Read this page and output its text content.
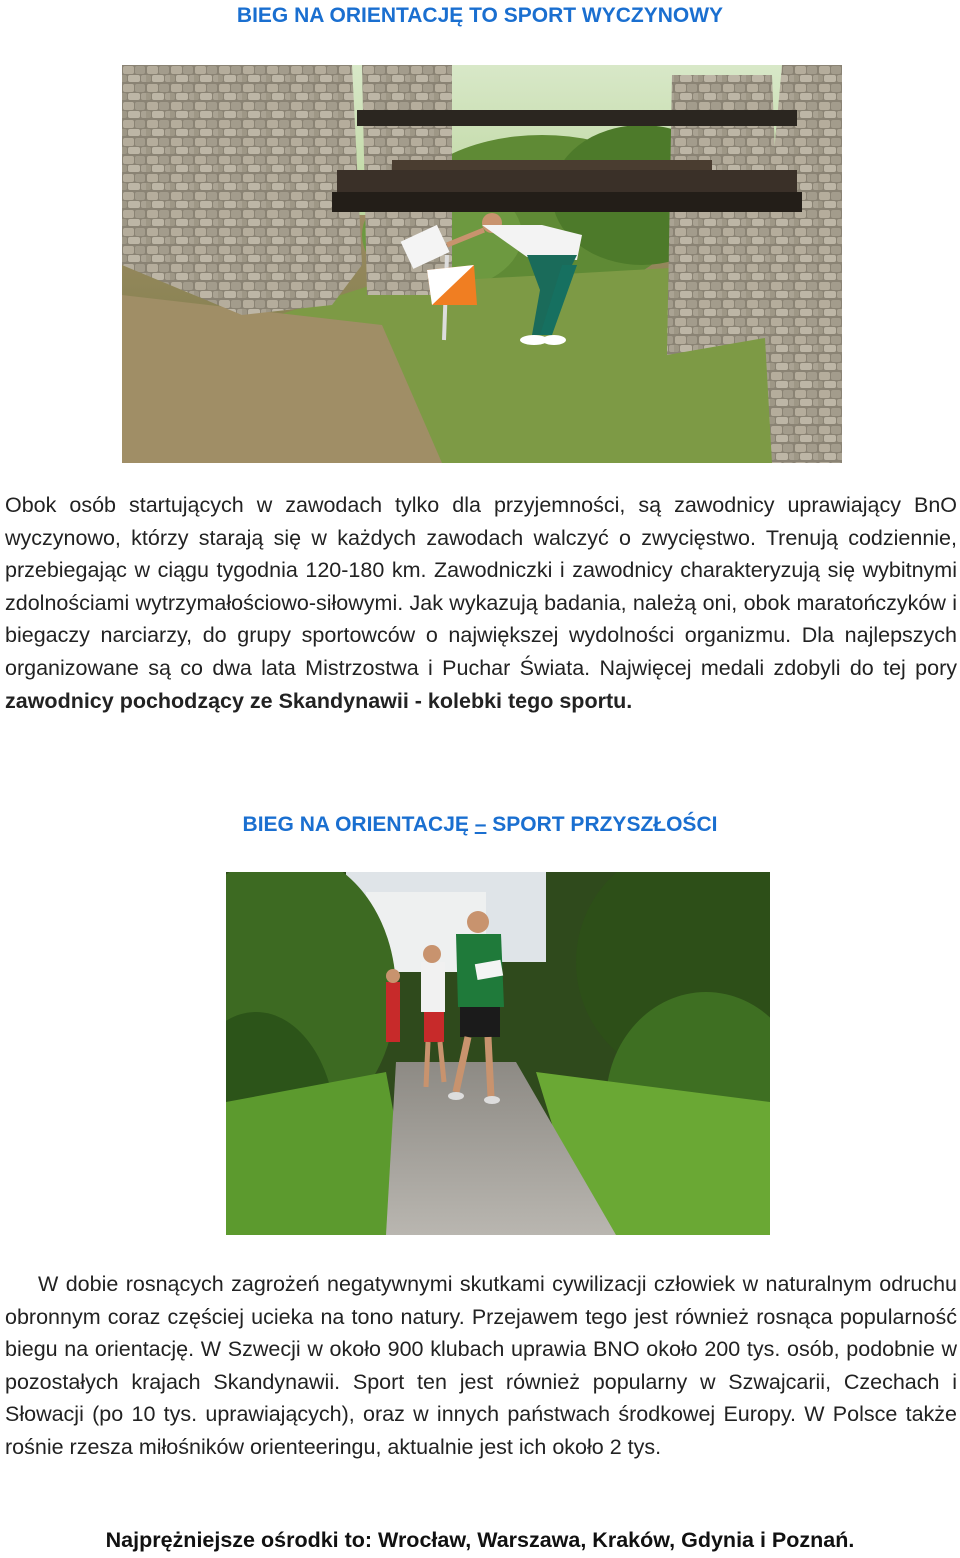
BIEG NA ORIENTACJĘ TO SPORT WYCZYNOWY

Obok osób startujących w zawodach tylko dla przyjemności, są zawodnicy uprawiający BnO wyczynowo, którzy starają się w każdych zawodach walczyć o zwycięstwo. Trenują codziennie, przebiegając w ciągu tygodnia 120-180 km. Zawodniczki i zawodnicy charakteryzują się wybitnymi zdolnościami wytrzymałościowo-siłowymi. Jak wykazują badania, należą oni, obok maratończyków i biegaczy narciarzy, do grupy sportowców o największej wydolności organizmu. Dla najlepszych organizowane są co dwa lata Mistrzostwa i Puchar Świata. Najwięcej medali zdobyli do tej pory zawodnicy pochodzący ze Skandynawii - kolebki tego sportu.

BIEG NA ORIENTACJĘ – SPORT PRZYSZŁOŚCI

W dobie rosnących zagrożeń negatywnymi skutkami cywilizacji człowiek w naturalnym odruchu obronnym coraz częściej ucieka na tono natury. Przejawem tego jest również rosnąca popularność biegu na orientację. W Szwecji w około 900 klubach uprawia BNO około 200 tys. osób, podobnie w pozostałych krajach Skandynawii. Sport ten jest również popularny w Szwajcarii, Czechach i Słowacji (po 10 tys. uprawiających), oraz w innych państwach środkowej Europy. W Polsce także rośnie rzesza miłośników orienteeringu, aktualnie jest ich około 2 tys.

Najprężniejsze ośrodki to: Wrocław, Warszawa, Kraków, Gdynia i Poznań.
